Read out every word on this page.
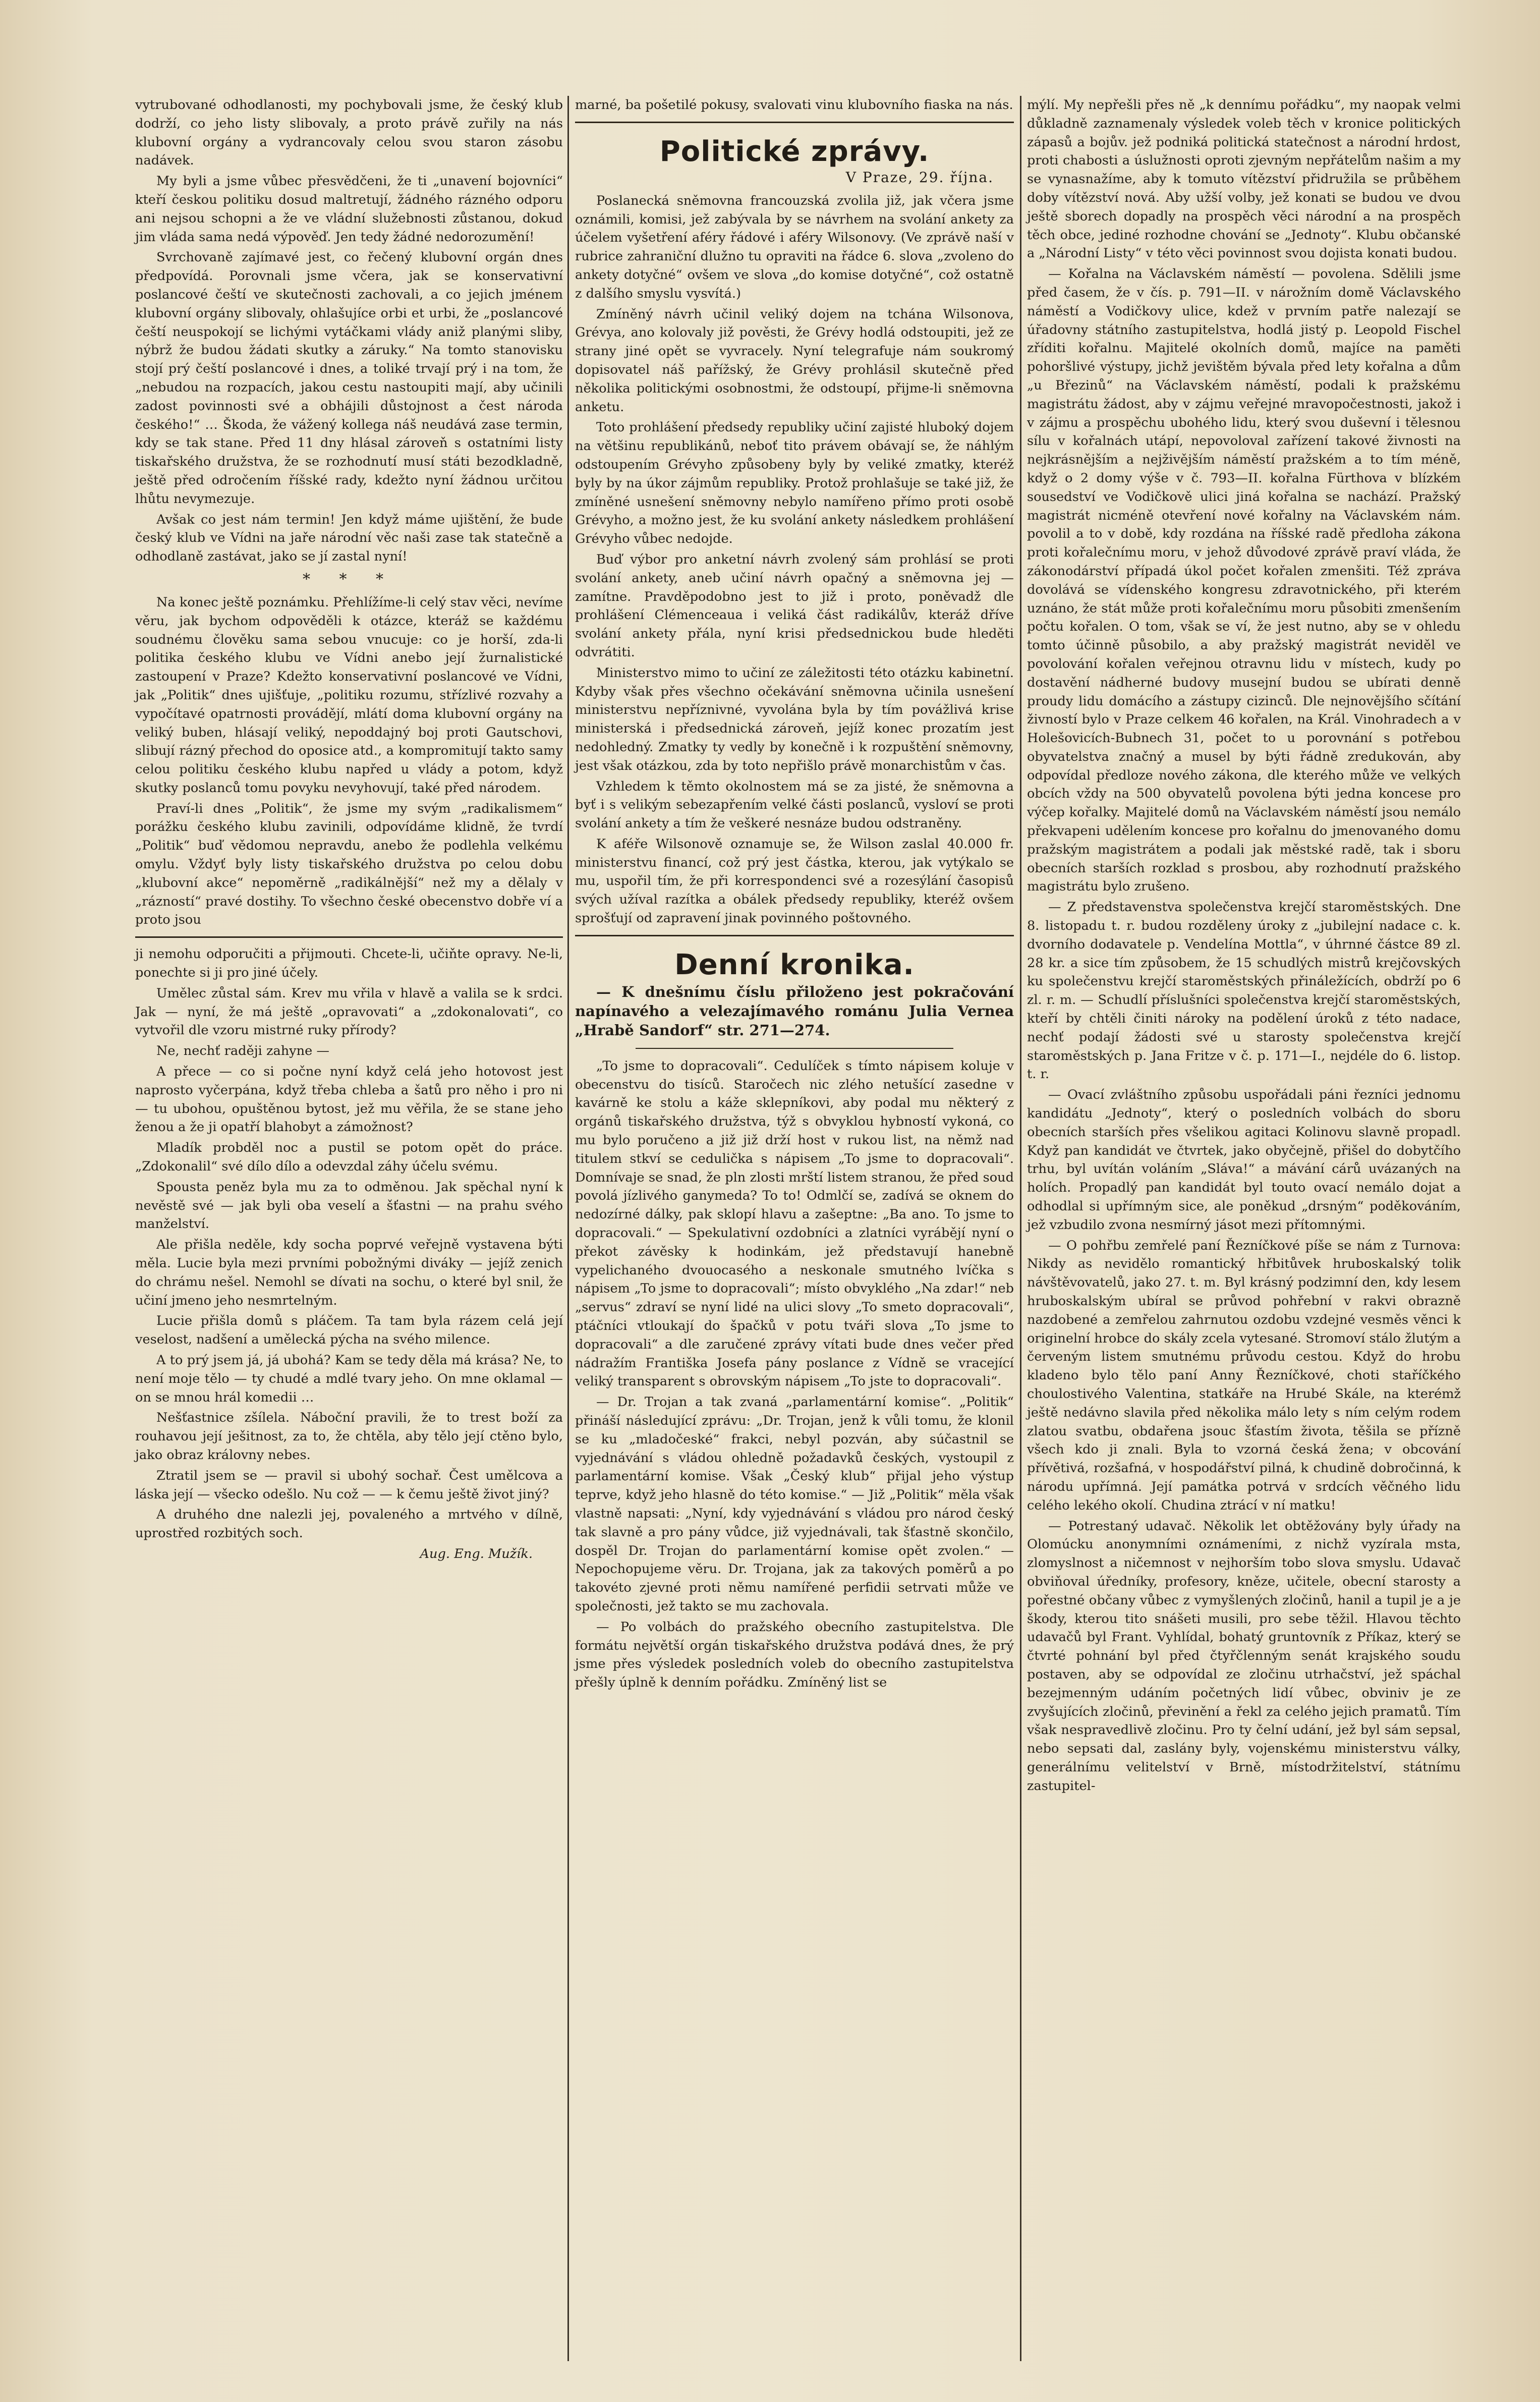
vytrubované odhodlanosti, my pochybovali jsme, že český klub dodrží, co jeho listy slibovaly, a proto právě zuřily na nás klubovní orgány a vydrancovaly celou svou staron zásobu nadávek.

My byli a jsme vůbec přesvědčeni, že ti „unavení bojovníci“ kteří českou politiku dosud maltretují, žádného rázného odporu ani nejsou schopni a že ve vládní služebnosti zůstanou, dokud jim vláda sama nedá výpověď. Jen tedy žádné nedorozumění!

Svrchovaně zajímavé jest, co řečený klubovní orgán dnes předpovídá. Porovnali jsme včera, jak se konservativní poslancové čeští ve skutečnosti zachovali, a co jejich jménem klubovní orgány slibovaly, ohlašujíce orbi et urbi, že „poslancové čeští neuspokojí se lichými vytáčkami vlády aniž planými sliby, nýbrž že budou žádati skutky a záruky.“ Na tomto stanovisku stojí prý čeští poslancové i dnes, a toliké trvají prý i na tom, že „nebudou na rozpacích, jakou cestu nastoupiti mají, aby učinili zadost povinnosti své a obhájili důstojnost a čest národa českého!“ … Škoda, že vážený kollega náš neudává zase termin, kdy se tak stane. Před 11 dny hlásal zároveň s ostatními listy tiskařského družstva, že se rozhodnutí musí státi bezodkladně, ještě před odročením říšské rady, kdežto nyní žádnou určitou lhůtu nevymezuje.

Avšak co jest nám termin! Jen když máme ujištění, že bude český klub ve Vídni na jaře národní věc naši zase tak statečně a odhodlaně zastávat, jako se jí zastal nyní!

* * *

Na konec ještě poznámku. Přehlížíme-li celý stav věci, nevíme věru, jak bychom odpověděli k otázce, kteráž se každému soudnému člověku sama sebou vnucuje: co je horší, zda-li politika českého klubu ve Vídni anebo její žurnalistické zastoupení v Praze? Kdežto konservativní poslancové ve Vídni, jak „Politik“ dnes ujišťuje, „politiku rozumu, střízlivé rozvahy a vypočítavé opatrnosti provádějí, mlátí doma klubovní orgány na veliký buben, hlásají veliký, nepoddajný boj proti Gautschovi, slibují rázný přechod do oposice atd., a kompromitují takto samy celou politiku českého klubu napřed u vlády a potom, když skutky poslanců tomu povyku nevyhovují, také před národem.

Praví-li dnes „Politik“, že jsme my svým „radikalismem“ porážku českého klubu zavinili, odpovídáme klidně, že tvrdí „Politik“ buď vědomou nepravdu, anebo že podlehla velkému omylu. Vždyť byly listy tiskařského družstva po celou dobu „klubovní akce“ nepoměrně „radikálnější“ než my a dělaly v „rázností“ pravé dostihy. To všechno české obecenstvo dobře ví a proto jsou

ji nemohu odporučiti a přijmouti. Chcete-li, učiňte opravy. Ne-li, ponechte si ji pro jiné účely.

Umělec zůstal sám. Krev mu vřila v hlavě a valila se k srdci. Jak — nyní, že má ještě „opravovati“ a „zdokonalovati“, co vytvořil dle vzoru mistrné ruky přírody?

Ne, nechť raději zahyne —

A přece — co si počne nyní když celá jeho hotovost jest naprosto vyčerpána, když třeba chleba a šatů pro něho i pro ni — tu ubohou, opuštěnou bytost, jež mu věřila, že se stane jeho ženou a že ji opatří blahobyt a zámožnost?

Mladík probděl noc a pustil se potom opět do práce. „Zdokonalil“ své dílo dílo a odevzdal záhy účelu svému.

Spousta peněz byla mu za to odměnou. Jak spěchal nyní k nevěstě své — jak byli oba veselí a šťastni — na prahu svého manželství.

Ale přišla neděle, kdy socha poprvé veřejně vystavena býti měla. Lucie byla mezi prvními pobožnými diváky — jejíž zenich do chrámu nešel. Nemohl se dívati na sochu, o které byl snil, že učiní jmeno jeho nesmrtelným.

Lucie přišla domů s pláčem. Ta tam byla rázem celá její veselost, nadšení a umělecká pýcha na svého milence.

A to prý jsem já, já ubohá? Kam se tedy děla má krása? Ne, to není moje tělo — ty chudé a mdlé tvary jeho. On mne oklamal — on se mnou hrál komedii …

Nešťastnice zšílela. Náboční pravili, že to trest boží za rouhavou její ješitnost, za to, že chtěla, aby tělo její ctěno bylo, jako obraz královny nebes.

Ztratil jsem se — pravil si ubohý sochař. Čest umělcova a láska její — všecko odešlo. Nu což — — k čemu ještě život jiný?

A druhého dne nalezli jej, povaleného a mrtvého v dílně, uprostřed rozbitých soch.

Aug. Eng. Mužík.

marné, ba pošetilé pokusy, svalovati vinu klubovního fiaska na nás.

Politické zprávy.
V Praze, 29. října.

Poslanecká sněmovna francouzská zvolila již, jak včera jsme oznámili, komisi, jež zabývala by se návrhem na svolání ankety za účelem vyšetření aféry řádové i aféry Wilsonovy. (Ve zprávě naší v rubrice zahraniční dlužno tu opraviti na řádce 6. slova „zvoleno do ankety dotyčné“ ovšem ve slova „do komise dotyčné“, což ostatně z dalšího smyslu vysvítá.)

Zmíněný návrh učinil veliký dojem na tchána Wilsonova, Grévya, ano kolovaly již pověsti, že Grévy hodlá odstoupiti, jež ze strany jiné opět se vyvracely. Nyní telegrafuje nám soukromý dopisovatel náš pařížský, že Grévy prohlásil skutečně před několika politickými osobnostmi, že odstoupí, přijme-li sněmovna anketu.

Toto prohlášení předsedy republiky učiní zajisté hluboký dojem na většinu republikánů, neboť tito právem obávají se, že náhlým odstoupením Grévyho způsobeny byly by veliké zmatky, kteréž byly by na úkor zájmům republiky. Protož prohlašuje se také již, že zmíněné usnešení sněmovny nebylo namířeno přímo proti osobě Grévyho, a možno jest, že ku svolání ankety následkem prohlášení Grévyho vůbec nedojde.

Buď výbor pro anketní návrh zvolený sám prohlásí se proti svolání ankety, aneb učiní návrh opačný a sněmovna jej — zamítne. Pravděpodobno jest to již i proto, poněvadž dle prohlášení Clémenceaua i veliká část radikálův, kteráž dříve svolání ankety přála, nyní krisi předsednickou bude hleděti odvrátiti.

Ministerstvo mimo to učiní ze záležitosti této otázku kabinetní. Kdyby však přes všechno očekávání sněmovna učinila usnešení ministerstvu nepříznivné, vyvolána byla by tím povážlivá krise ministerská i předsednická zároveň, jejíž konec prozatím jest nedohledný. Zmatky ty vedly by konečně i k rozpuštění sněmovny, jest však otázkou, zda by toto nepřišlo právě monarchistům v čas.

Vzhledem k těmto okolnostem má se za jisté, že sněmovna a byť i s velikým sebezapřením velké části poslanců, vysloví se proti svolání ankety a tím že veškeré nesnáze budou odstraněny.

K aféře Wilsonově oznamuje se, že Wilson zaslal 40.000 fr. ministerstvu financí, což prý jest částka, kterou, jak vytýkalo se mu, uspořil tím, že při korrespondenci své a rozesýlání časopisů svých užíval razítka a obálek předsedy republiky, kteréž ovšem sprošťují od zapravení jinak povinného poštovného.

Denní kronika.

— K dnešnímu číslu přiloženo jest pokračování napínavého a velezajímavého románu Julia Vernea „Hrabě Sandorf“ str. 271—274.

„To jsme to dopracovali“. Cedulíček s tímto nápisem koluje v obecenstvu do tisíců. Staročech nic zlého netušící zasedne v kavárně ke stolu a káže sklepníkovi, aby podal mu některý z orgánů tiskařského družstva, týž s obvyklou hybností vykoná, co mu bylo poručeno a již již drží host v rukou list, na němž nad titulem stkví se cedulička s nápisem „To jsme to dopracovali“. Domnívaje se snad, že pln zlosti mrští listem stranou, že před soud povolá jízlivého ganymeda? To to! Odmlčí se, zadívá se oknem do nedozírné dálky, pak sklopí hlavu a zašeptne: „Ba ano. To jsme to dopracovali.“ — Spekulativní ozdobníci a zlatníci vyrábějí nyní o překot závěsky k hodinkám, jež představují hanebně vypelichaného dvouocasého a neskonale smutného lvíčka s nápisem „To jsme to dopracovali“; místo obvyklého „Na zdar!“ neb „servus“ zdraví se nyní lidé na ulici slovy „To smeto dopracovali“, ptáčníci vtloukají do špačků v potu tváři slova „To jsme to dopracovali“ a dle zaručené zprávy vítati bude dnes večer před nádražím Františka Josefa pány poslance z Vídně se vracející veliký transparent s obrovským nápisem „To jste to dopracovali“.

— Dr. Trojan a tak zvaná „parlamentární komise“. „Politik“ přináší následující zprávu: „Dr. Trojan, jenž k vůli tomu, že klonil se ku „mladočeské“ frakci, nebyl pozván, aby súčastnil se vyjednávání s vládou ohledně požadavků českých, vystoupil z parlamentární komise. Však „Český klub“ přijal jeho výstup teprve, když jeho hlasně do této komise.“ — Již „Politik“ měla však vlastně napsati: „Nyní, kdy vyjednávání s vládou pro národ český tak slavně a pro pány vůdce, již vyjednávali, tak šťastně skončilo, dospěl Dr. Trojan do parlamentární komise opět zvolen.“ — Nepochopujeme věru. Dr. Trojana, jak za takových poměrů a po takovéto zjevné proti němu namířené perfidii setrvati může ve společnosti, jež takto se mu zachovala.

— Po volbách do pražského obecního zastupitelstva. Dle formátu největší orgán tiskařského družstva podává dnes, že prý jsme přes výsledek posledních voleb do obecního zastupitelstva přešly úplně k denním pořádku. Zmíněný list se

mýlí. My nepřešli přes ně „k dennímu pořádku“, my naopak velmi důkladně zaznamenaly výsledek voleb těch v kronice politických zápasů a bojův. jež podniká politická statečnost a národní hrdost, proti chabosti a úslužnosti oproti zjevným nepřátelům našim a my se vynasnažíme, aby k tomuto vítězství přidružila se průběhem doby vítězství nová. Aby užší volby, jež konati se budou ve dvou ještě sborech dopadly na prospěch věci národní a na prospěch těch obce, jediné rozhodne chování se „Jednoty“. Klubu občanské a „Národní Listy“ v této věci povinnost svou dojista konati budou.

— Kořalna na Václavském náměstí — povolena. Sdělili jsme před časem, že v čís. p. 791—II. v nárožním domě Václavského náměstí a Vodičkovy ulice, kdež v prvním patře nalezají se úřadovny státního zastupitelstva, hodlá jistý p. Leopold Fischel zříditi kořalnu. Majitelé okolních domů, majíce na paměti pohoršlivé výstupy, jichž jevištěm bývala před lety kořalna a dům „u Březinů“ na Václavském náměstí, podali k pražskému magistrátu žádost, aby v zájmu veřejné mravopočestnosti, jakož i v zájmu a prospěchu ubohého lidu, který svou duševní i tělesnou sílu v kořalnách utápí, nepovoloval zařízení takové živnosti na nejkrásnějším a nejživějším náměstí pražském a to tím méně, když o 2 domy výše v č. 793—II. kořalna Fürthova v blízkém sousedství ve Vodičkově ulici jiná kořalna se nachází. Pražský magistrát nicméně otevření nové kořalny na Václavském nám. povolil a to v době, kdy rozdána na říšské radě předloha zákona proti kořalečnímu moru, v jehož důvodové zprávě praví vláda, že zákonodárství případá úkol počet kořalen zmenšiti. Též zpráva dovolává se vídenského kongresu zdravotnického, při kterém uznáno, že stát může proti kořalečnímu moru působiti zmenšením počtu kořalen. O tom, však se ví, že jest nutno, aby se v ohledu tomto účinně působilo, a aby pražský magistrát neviděl ve povolování kořalen veřejnou otravnu lidu v místech, kudy po dostavění nádherné budovy musejní budou se ubírati denně proudy lidu domácího a zástupy cizinců. Dle nejnovějšího sčítání živností bylo v Praze celkem 46 kořalen, na Král. Vinohradech a v Holešovicích-Bubnech 31, počet to u porovnání s potřebou obyvatelstva značný a musel by býti řádně zredukován, aby odpovídal předloze nového zákona, dle kterého může ve velkých obcích vždy na 500 obyvatelů povolena býti jedna koncese pro výčep kořalky. Majitelé domů na Václavském náměstí jsou nemálo překvapeni udělením koncese pro kořalnu do jmenovaného domu pražským magistrátem a podali jak městské radě, tak i sboru obecních starších rozklad s prosbou, aby rozhodnutí pražského magistrátu bylo zrušeno.

— Z představenstva společenstva krejčí staroměstských. Dne 8. listopadu t. r. budou rozděleny úroky z „jubilejní nadace c. k. dvorního dodavatele p. Vendelína Mottla“, v úhrnné částce 89 zl. 28 kr. a sice tím způsobem, že 15 schudlých mistrů krejčovských ku společenstvu krejčí staroměstských přináležících, obdrží po 6 zl. r. m. — Schudlí příslušníci společenstva krejčí staroměstských, kteří by chtěli činiti nároky na podělení úroků z této nadace, nechť podají žádosti své u starosty společenstva krejčí staroměstských p. Jana Fritze v č. p. 171—I., nejdéle do 6. listop. t. r.

— Ovací zvláštního způsobu uspořádali páni řezníci jednomu kandidátu „Jednoty“, který o posledních volbách do sboru obecních starších přes všelikou agitaci Kolinovu slavně propadl. Když pan kandidát ve čtvrtek, jako obyčejně, přišel do dobytčího trhu, byl uvítán voláním „Sláva!“ a mávání cárů uvázaných na holích. Propadlý pan kandidát byl touto ovací nemálo dojat a odhodlal si upřímným sice, ale poněkud „drsným“ poděkováním, jež vzbudilo zvona nesmírný jásot mezi přítomnými.

— O pohřbu zemřelé paní Řezníčkové píše se nám z Turnova: Nikdy as nevidělo romantický hřbitůvek hruboskalský tolik návštěvovatelů, jako 27. t. m. Byl krásný podzimní den, kdy lesem hruboskalským ubíral se průvod pohřební v rakvi obrazně nazdobené a zemřelou zahrnutou ozdobu vzdejné vesměs věnci k originelní hrobce do skály zcela vytesané. Stromoví stálo žlutým a červeným listem smutnému průvodu cestou. Když do hrobu kladeno bylo tělo paní Anny Řezníčkové, choti staříčkého choulostivého Valentina, statkáře na Hrubé Skále, na kterémž ještě nedávno slavila před několika málo lety s ním celým rodem zlatou svatbu, obdařena jsouc šťastím života, těšila se přízně všech kdo ji znali. Byla to vzorná česká žena; v obcování přívětivá, rozšafná, v hospodářství pilná, k chudině dobročinná, k národu upřímná. Její památka potrvá v srdcích věčného lidu celého lekého okolí. Chudina ztrácí v ní matku!

— Potrestaný udavač. Několik let obtěžovány byly úřady na Olomúcku anonymními oznámeními, z nichž vyzírala msta, zlomyslnost a ničemnost v nejhorším tobo slova smyslu. Udavač obviňoval úředníky, profesory, kněze, učitele, obecní starosty a pořestné občany vůbec z vymyšlených zločinů, hanil a tupil je a je škody, kterou tito snášeti musili, pro sebe těžil. Hlavou těchto udavačů byl Frant. Vyhlídal, bohatý gruntovník z Příkaz, který se čtvrté pohnání byl před čtyřčlenným senát krajského soudu postaven, aby se odpovídal ze zločinu utrhačství, jež spáchal bezejmenným udáním početných lidí vůbec, obviniv je ze zvyšujících zločinů, převinění a řekl za celého jejich pramatů. Tím však nespravedlivě zločinu. Pro ty čelní udání, jež byl sám sepsal, nebo sepsati dal, zaslány byly, vojenskému ministerstvu války, generálnímu velitelství v Brně, místodržitelství, státnímu zastupitel-
